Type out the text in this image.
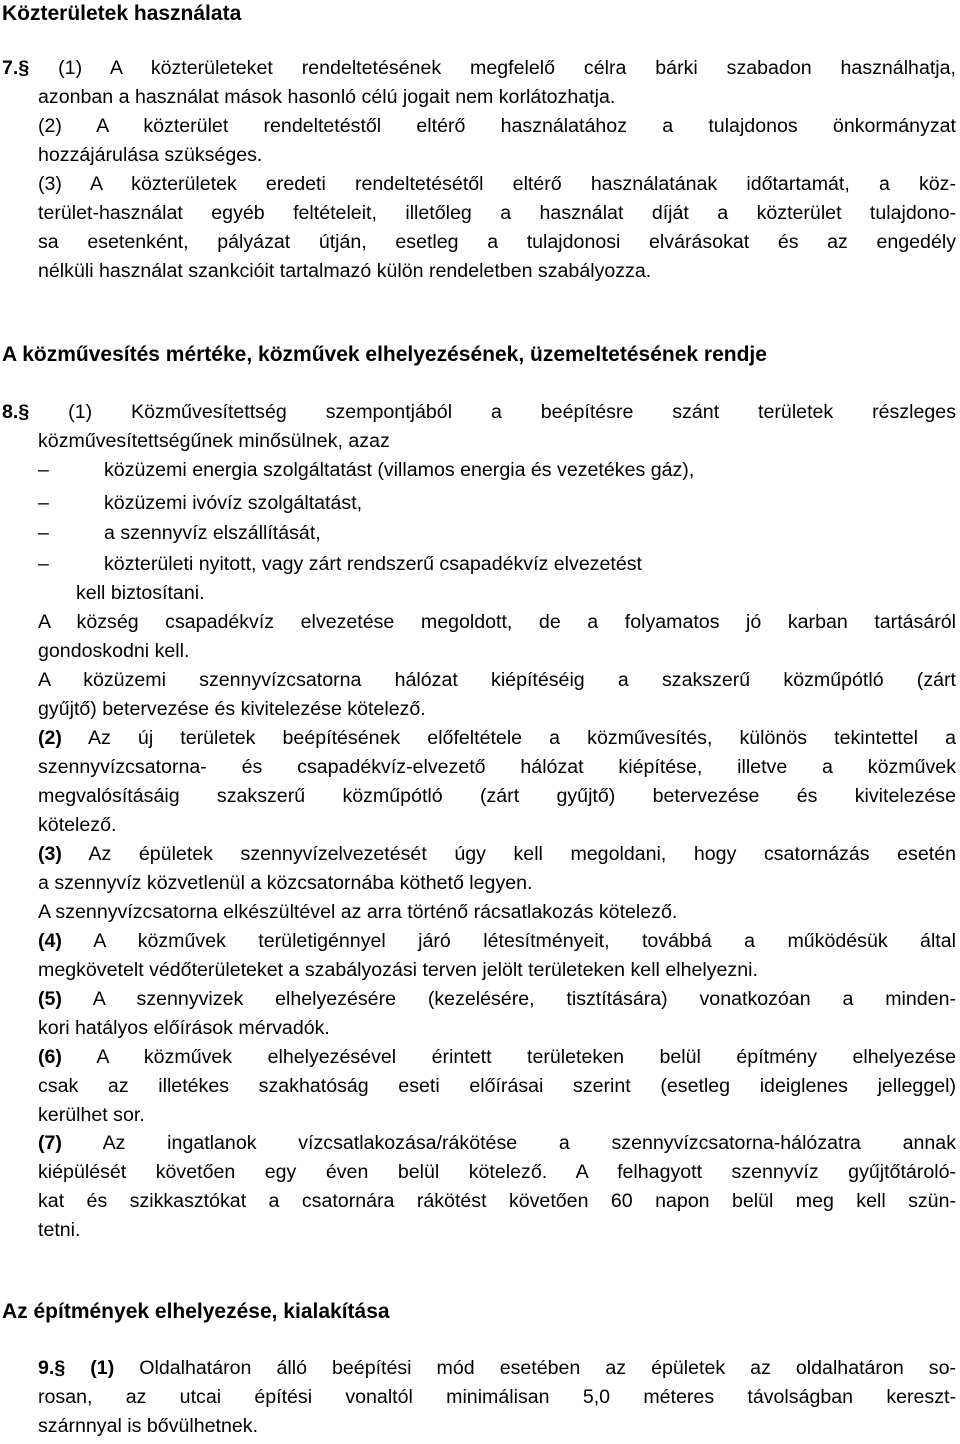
Közterületek használata
7.§ (1) A közterületeket rendeltetésének megfelelő célra bárki szabadon használhatja,
azonban a használat mások hasonló célú jogait nem korlátozhatja.
(2) A közterület rendeltetéstől eltérő használatához a tulajdonos önkormányzat
hozzájárulása szükséges.
(3) A közterületek eredeti rendeltetésétől eltérő használatának időtartamát, a köz-
terület-használat egyéb feltételeit, illetőleg a használat díját a közterület tulajdono-
sa esetenként, pályázat útján, esetleg a tulajdonosi elvárásokat és az engedély
nélküli használat szankcióit tartalmazó külön rendeletben szabályozza.
A közművesítés mértéke, közművek elhelyezésének, üzemeltetésének rendje
8.§ (1) Közművesítettség szempontjából a beépítésre szánt területek részleges
közművesítettségűnek minősülnek, azaz
–	közüzemi energia szolgáltatást (villamos energia és vezetékes gáz),
–	közüzemi ivóvíz szolgáltatást,
–	a szennyvíz elszállítását,
–	közterületi nyitott, vagy zárt rendszerű csapadékvíz elvezetést
kell biztosítani.
A község csapadékvíz elvezetése megoldott, de a folyamatos jó karban tartásáról
gondoskodni kell.
A közüzemi szennyvízcsatorna hálózat kiépítéséig a szakszerű közműpótló (zárt
gyűjtő) betervezése és kivitelezése kötelező.
(2) Az új területek beépítésének előfeltétele a közművesítés, különös tekintettel a
szennyvízcsatorna- és csapadékvíz-elvezető hálózat kiépítése, illetve a közművek
megvalósításáig szakszerű közműpótló (zárt gyűjtő) betervezése és kivitelezése
kötelező.
(3) Az épületek szennyvízelvezetését úgy kell megoldani, hogy csatornázás esetén
a szennyvíz közvetlenül a közcsatornába köthető legyen.
A szennyvízcsatorna elkészültével az arra történő rácsatlakozás kötelező.
(4) A közművek területigénnyel járó létesítményeit, továbbá a működésük által
megkövetelt védőterületeket a szabályozási terven jelölt területeken kell elhelyezni.
(5) A szennyvizek elhelyezésére (kezelésére, tisztítására) vonatkozóan a minden-
kori hatályos előírások mérvadók.
(6) A közművek elhelyezésével érintett területeken belül építmény elhelyezése
csak az illetékes szakhatóság eseti előírásai szerint (esetleg ideiglenes jelleggel)
kerülhet sor.
(7) Az ingatlanok vízcsatlakozása/rákötése a szennyvízcsatorna-hálózatra annak
kiépülését követően egy éven belül kötelező. A felhagyott szennyvíz gyűjtőtároló-
kat és szikkasztókat a csatornára rákötést követően 60 napon belül meg kell szün-
tetni.
Az építmények elhelyezése, kialakítása
9.§ (1) Oldalhatáron álló beépítési mód esetében az épületek az oldalhatáron so-
rosan, az utcai építési vonaltól minimálisan 5,0 méteres távolságban kereszt-
szárnnyal is bővülhetnek.
